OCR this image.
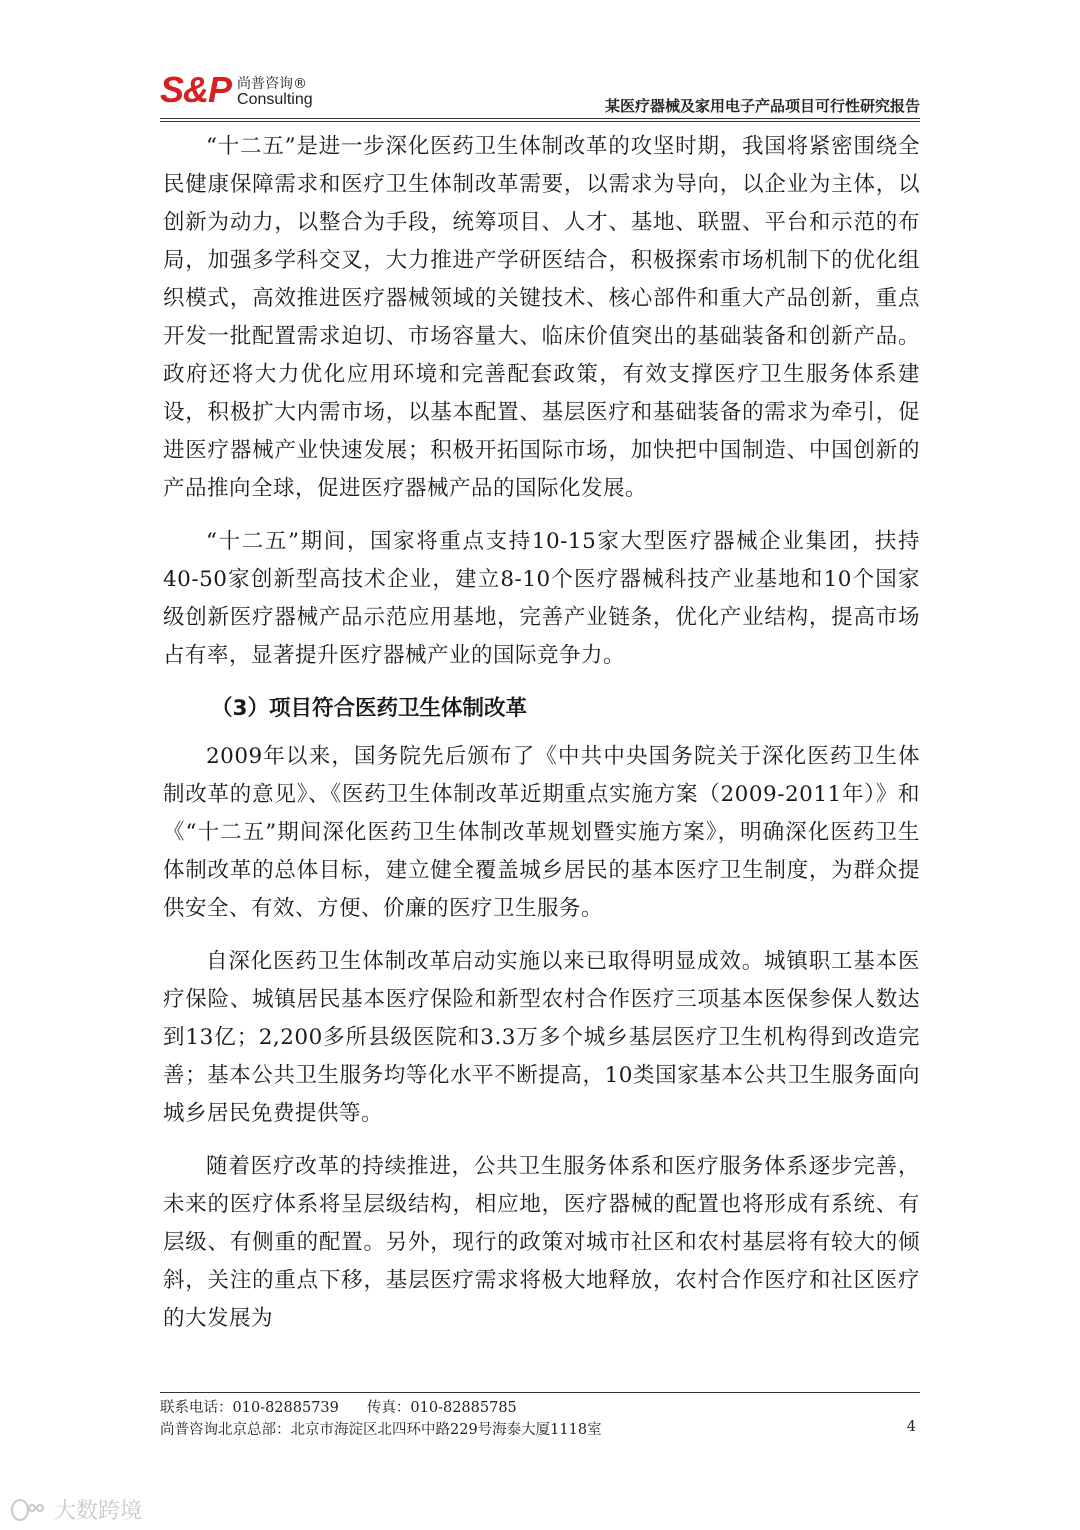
S&P 尚普咨询®
Consulting	某医疗器械及家用电子产品项目可行性研究报告

“十二五”是进一步深化医药卫生体制改革的攻坚时期，我国将紧密围绕全民健康保障需求和医疗卫生体制改革需要，以需求为导向，以企业为主体，以创新为动力，以整合为手段，统筹项目、人才、基地、联盟、平台和示范的布局，加强多学科交叉，大力推进产学研医结合，积极探索市场机制下的优化组织模式，高效推进医疗器械领域的关键技术、核心部件和重大产品创新，重点开发一批配置需求迫切、市场容量大、临床价值突出的基础装备和创新产品。政府还将大力优化应用环境和完善配套政策，有效支撑医疗卫生服务体系建设，积极扩大内需市场，以基本配置、基层医疗和基础装备的需求为牵引，促进医疗器械产业快速发展；积极开拓国际市场，加快把中国制造、中国创新的产品推向全球，促进医疗器械产品的国际化发展。

“十二五”期间，国家将重点支持10-15家大型医疗器械企业集团，扶持40-50家创新型高技术企业，建立8-10个医疗器械科技产业基地和10个国家级创新医疗器械产品示范应用基地，完善产业链条，优化产业结构，提高市场占有率，显著提升医疗器械产业的国际竞争力。

（3）项目符合医药卫生体制改革

2009年以来，国务院先后颁布了《中共中央国务院关于深化医药卫生体制改革的意见》、《医药卫生体制改革近期重点实施方案（2009-2011年）》和《“十二五”期间深化医药卫生体制改革规划暨实施方案》，明确深化医药卫生体制改革的总体目标，建立健全覆盖城乡居民的基本医疗卫生制度，为群众提供安全、有效、方便、价廉的医疗卫生服务。

自深化医药卫生体制改革启动实施以来已取得明显成效。城镇职工基本医疗保险、城镇居民基本医疗保险和新型农村合作医疗三项基本医保参保人数达到13亿；2,200多所县级医院和3.3万多个城乡基层医疗卫生机构得到改造完善；基本公共卫生服务均等化水平不断提高，10类国家基本公共卫生服务面向城乡居民免费提供等。

随着医疗改革的持续推进，公共卫生服务体系和医疗服务体系逐步完善，未来的医疗体系将呈层级结构，相应地，医疗器械的配置也将形成有系统、有层级、有侧重的配置。另外，现行的政策对城市社区和农村基层将有较大的倾斜，关注的重点下移，基层医疗需求将极大地释放，农村合作医疗和社区医疗的大发展为

联系电话：010-82885739 传真：010-82885785
尚普咨询北京总部：北京市海淀区北四环中路229号海泰大厦1118室	4
大数跨境
